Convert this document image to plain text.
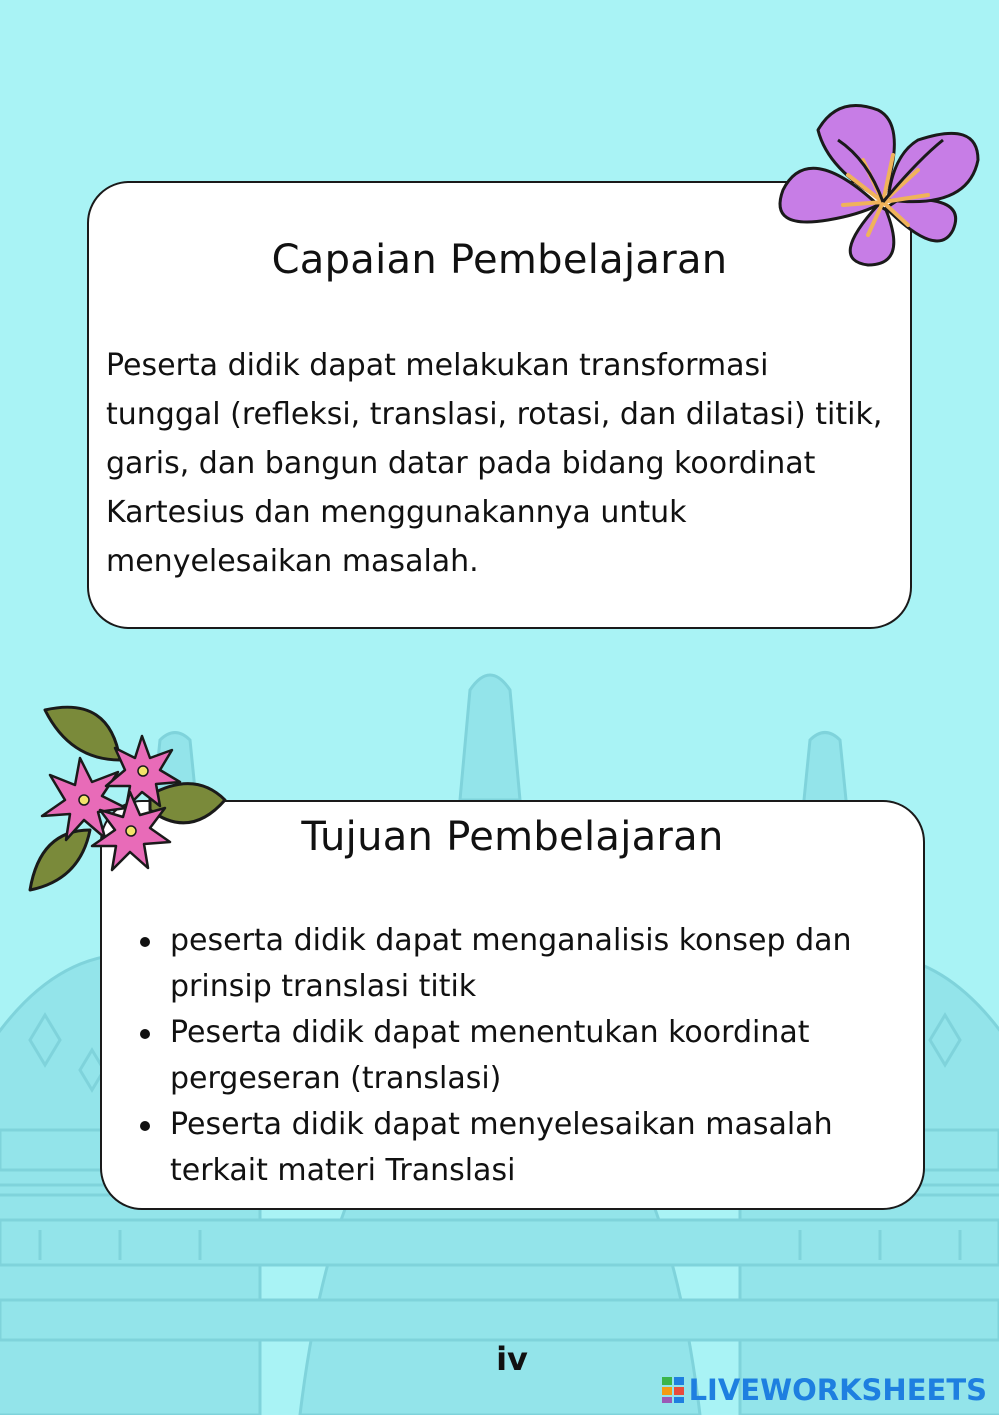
Capaian Pembelajaran
Peserta didik dapat melakukan transformasi
tunggal (refleksi, translasi, rotasi, dan dilatasi) titik,
garis, dan bangun datar pada bidang koordinat
Kartesius dan menggunakannya untuk
menyelesaikan masalah.
Tujuan Pembelajaran
peserta didik dapat menganalisis konsep dan
prinsip translasi titik
Peserta didik dapat menentukan koordinat
pergeseran (translasi)
Peserta didik dapat menyelesaikan masalah
terkait materi Translasi
iv
LIVEWORKSHEETS
